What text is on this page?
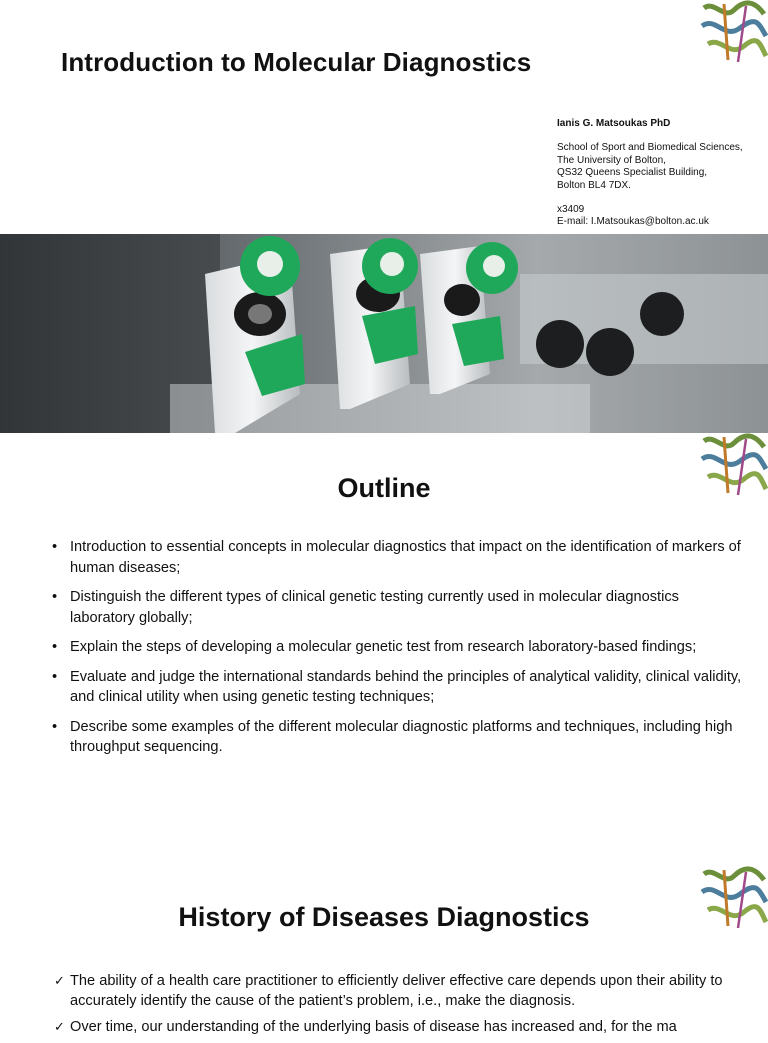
Introduction to Molecular Diagnostics
Ianis G. Matsoukas PhD
School of Sport and Biomedical Sciences,
The University of Bolton,
QS32 Queens Specialist Building,
Bolton BL4 7DX.
x3409
E-mail: I.Matsoukas@bolton.ac.uk
Outline
• Introduction to essential concepts in molecular diagnostics that impact on the identification of markers of human diseases;
• Distinguish the different types of clinical genetic testing currently used in molecular diagnostics laboratory globally;
• Explain the steps of developing a molecular genetic test from research laboratory-based findings;
• Evaluate and judge the international standards behind the principles of analytical validity, clinical validity, and clinical utility when using genetic testing techniques;
• Describe some examples of the different molecular diagnostic platforms and techniques, including high throughput sequencing.
History of Diseases Diagnostics
✓ The ability of a health care practitioner to efficiently deliver effective care depends upon their ability to accurately identify the cause of the patient’s problem, i.e., make the diagnosis.
✓ Over time, our understanding of the underlying basis of disease has increased and, for the ma
